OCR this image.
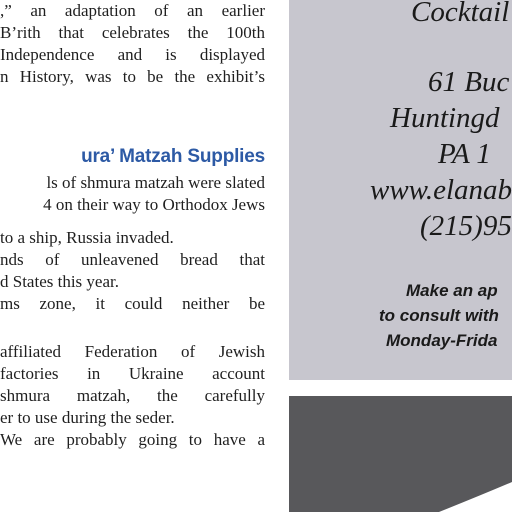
,” an adaptation of an earlier
B’rith that celebrates the 100th
Independence and is displayed
n History, was to be the exhibit’s
ura’ Matzah Supplies
ls of shmura matzah were slated
4 on their way to Orthodox Jews
to a ship, Russia invaded.
nds of unleavened bread that
d States this year.
ms zone, it could neither be
affiliated Federation of Jewish
factories in Ukraine account
shmura matzah, the carefully
er to use during the seder.
We are probably going to have a
Cocktail
61 Buc
Huntingd
PA 1
www.elanab
(215)95
Make an ap
to consult with
Monday-Frida
